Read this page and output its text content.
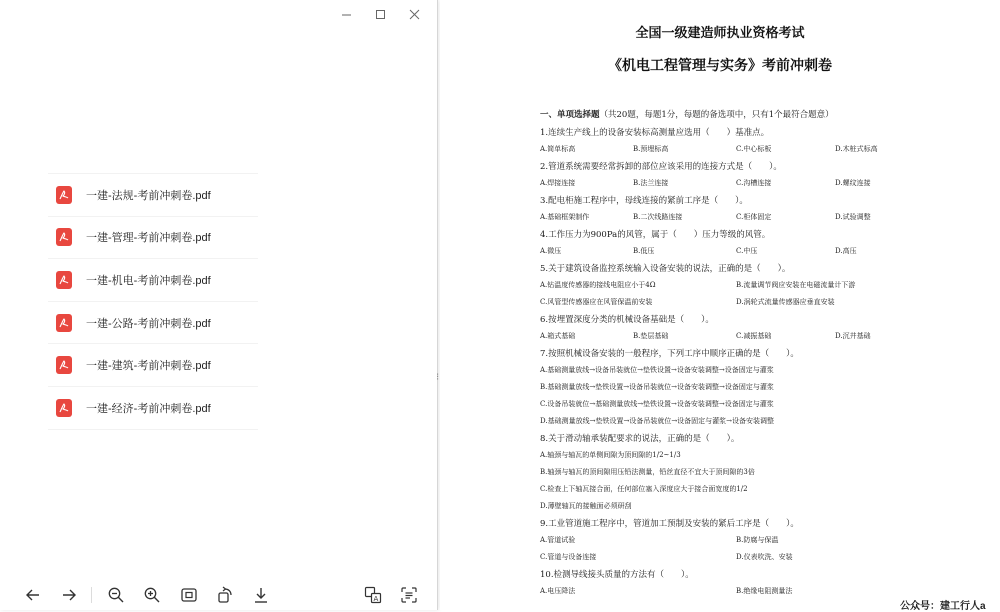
一建-法规-考前冲刺卷.pdf
一建-管理-考前冲刺卷.pdf
一建-机电-考前冲刺卷.pdf
一建-公路-考前冲刺卷.pdf
一建-建筑-考前冲刺卷.pdf
一建-经济-考前冲刺卷.pdf
A
⁝
全国一级建造师执业资格考试
《机电工程管理与实务》考前冲刺卷
一、单项选择题（共20题，每题1分，每题的备选项中，只有1个最符合题意）
1.连续生产线上的设备安装标高测量应选用（　　）基准点。
A.简单标高	B.预埋标高	C.中心标板	D.木桩式标高
2.管道系统需要经常拆卸的部位应该采用的连接方式是（　　）。
A.焊接连接	B.法兰连接	C.沟槽连接	D.螺纹连接
3.配电柜施工程序中，母线连接的紧前工序是（　　）。
A.基础框架制作	B.二次线路连接	C.柜体固定	D.试验调整
4.工作压力为900Pa的风管，属于（　　）压力等级的风管。
A.微压	B.低压	C.中压	D.高压
5.关于建筑设备监控系统输入设备安装的说法，正确的是（　　）。
A.钻温度传感器的接线电阻应小于4Ω	B.流量调节阀应安装在电磁流量计下游
C.风管型传感器应在风管保温前安装	D.涡轮式流量传感器应垂直安装
6.按埋置深度分类的机械设备基础是（　　）。
A.箱式基础	B.垫层基础	C.减振基础	D.沉井基础
7.按照机械设备安装的一般程序，下列工序中顺序正确的是（　　）。
A.基础测量放线→设备吊装就位→垫铁设置→设备安装调整→设备固定与灌浆
B.基础测量放线→垫铁设置→设备吊装就位→设备安装调整→设备固定与灌浆
C.设备吊装就位→基础测量放线→垫铁设置→设备安装调整→设备固定与灌浆
D.基础测量放线→垫铁设置→设备吊装就位→设备固定与灌浆→设备安装调整
8.关于滑动轴承装配要求的说法，正确的是（　　）。
A.轴颈与轴瓦的单侧间隙为顶间隙的1/2~1/3
B.轴颈与轴瓦的顶间隙用压铅法测量，铅丝直径不宜大于顶间隙的3倍
C.检查上下轴瓦接合面，任何部位塞入深度应大于接合面宽度的1/2
D.薄壁轴瓦的接触面必须研刮
9.工业管道施工程序中，管道加工预制及安装的紧后工序是（　　）。
A.管道试验	B.防腐与保温
C.管道与设备连接	D.仪表吹洗、安装
10.检测导线接头质量的方法有（　　）。
A.电压降法	B.绝缘电阻测量法
公众号：建工行人a
